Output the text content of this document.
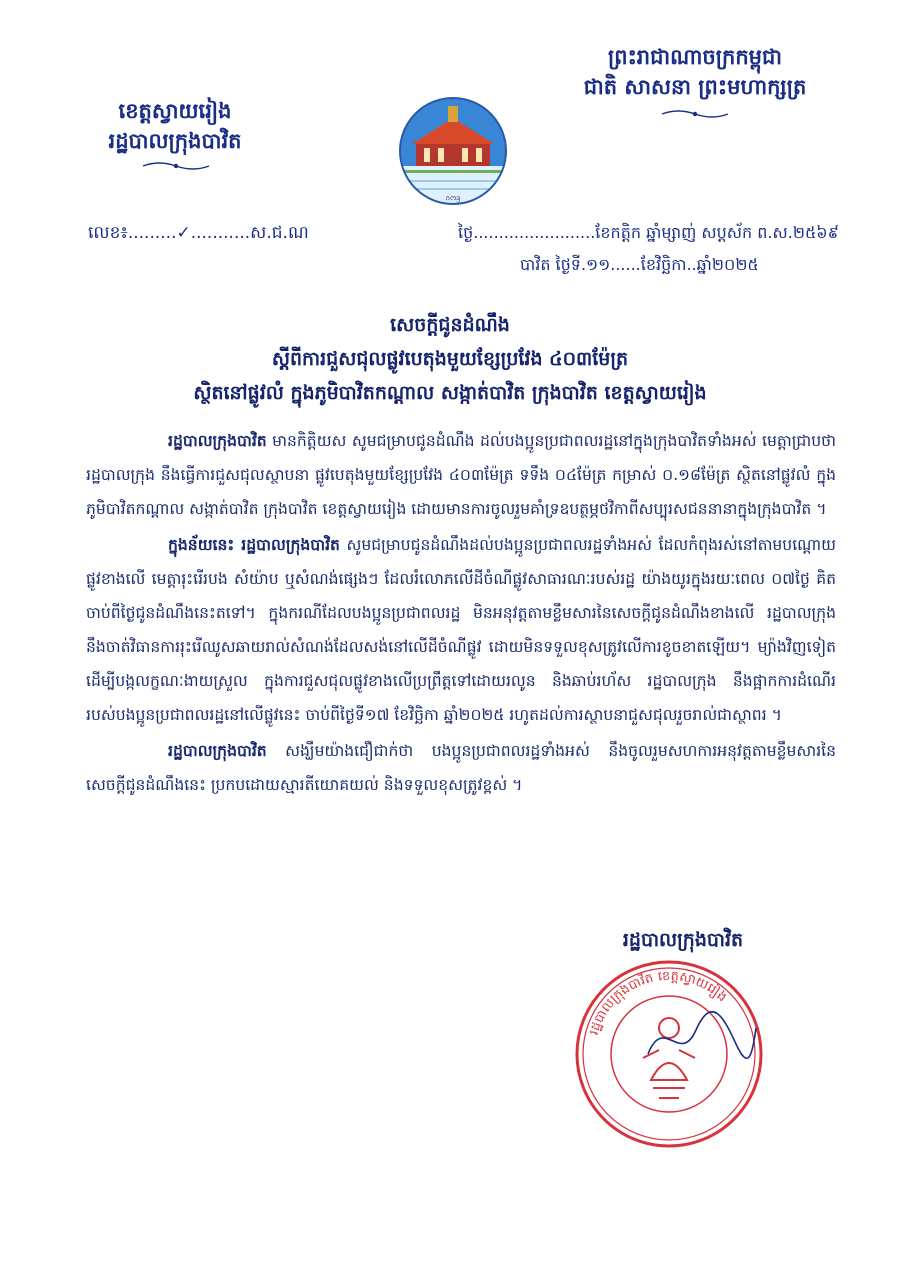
ព្រះរាជាណាចក្រកម្ពុជា
ជាតិ សាសនា ព្រះមហាក្សត្រ
ខេត្តស្វាយរៀង
រដ្ឋបាលក្រុងបាវិត
ᦅᦂᦃ
លេខ៖.........✓...........ស.ជ.ណ	ថ្ងៃ........................ខែកត្តិក ឆ្នាំម្សាញ់ សប្តស័ក ព.ស.២៥៦៩
បាវិត ថ្ងៃទី.១១......ខែវិច្ឆិកា..ឆ្នាំ២០២៥
សេចក្តីជូនដំណឹង
ស្តីពីការជួសជុលផ្លូវបេតុងមួយខ្សែប្រវែង ៤០៣ម៉ែត្រ
ស្ថិតនៅផ្លូវលំ ក្នុងភូមិបាវិតកណ្តាល សង្កាត់បាវិត ក្រុងបាវិត ខេត្តស្វាយរៀង

រដ្ឋបាលក្រុងបាវិត មានកិត្តិយស សូមជម្រាបជូនដំណឹង ដល់បងប្អូនប្រជាពលរដ្ឋនៅក្នុងក្រុងបាវិតទាំងអស់ មេត្តាជ្រាបថា រដ្ឋបាលក្រុង នឹងធ្វើការជួសជុលស្ថាបនា ផ្លូវបេតុងមួយខ្សែប្រវែង ៤០៣ម៉ែត្រ ទទឹង ០៤ម៉ែត្រ កម្រាស់ ០.១៨ម៉ែត្រ ស្ថិតនៅផ្លូវលំ ក្នុងភូមិបាវិតកណ្តាល សង្កាត់បាវិត ក្រុងបាវិត ខេត្តស្វាយរៀង ដោយមានការចូលរួមគាំទ្រឧបត្ថម្ភថវិកាពីសប្បុរសជននានាក្នុងក្រុងបាវិត ។

ក្នុងន័យនេះ រដ្ឋបាលក្រុងបាវិត សូមជម្រាបជូនដំណឹងដល់បងប្អូនប្រជាពលរដ្ឋទាំងអស់ ដែលកំពុងរស់នៅតាមបណ្តោយផ្លូវខាងលើ មេត្តារុះរើរបង សំយ៉ាប ឬសំណង់ផ្សេងៗ ដែលរំលោភលើដីចំណីផ្លូវសាធារណៈរបស់រដ្ឋ យ៉ាងយូរក្នុងរយៈពេល ០៧ថ្ងៃ គិតចាប់ពីថ្ងៃជូនដំណឹងនេះតទៅ។ ក្នុងករណីដែលបងប្អូនប្រជាពលរដ្ឋ មិនអនុវត្តតាមខ្លឹមសារនៃសេចក្តីជូនដំណឹងខាងលើ រដ្ឋបាលក្រុង នឹងចាត់វិធានការរុះរើឈូសឆាយរាល់សំណង់ដែលសង់នៅលើដីចំណីផ្លូវ ដោយមិនទទួលខុសត្រូវលើការខូចខាតឡើយ។ ម្យ៉ាងវិញទៀត ដើម្បីបង្កលក្ខណៈងាយស្រួល ក្នុងការជួសជុលផ្លូវខាងលើប្រព្រឹត្តទៅដោយរលូន និងឆាប់រហ័ស រដ្ឋបាលក្រុង នឹងផ្អាកការដំណើររបស់បងប្អូនប្រជាពលរដ្ឋនៅលើផ្លូវនេះ ចាប់ពីថ្ងៃទី១៧ ខែវិច្ឆិកា ឆ្នាំ២០២៥ រហូតដល់ការស្ថាបនាជួសជុលរួចរាល់ជាស្ថាពរ ។

រដ្ឋបាលក្រុងបាវិត សង្ឃឹមយ៉ាងជឿជាក់ថា បងប្អូនប្រជាពលរដ្ឋទាំងអស់ នឹងចូលរួមសហការអនុវត្តតាមខ្លឹមសារនៃសេចក្តីជូនដំណឹងនេះ ប្រកបដោយស្មារតីយោគយល់ និងទទួលខុសត្រូវខ្ពស់ ។

រដ្ឋបាលក្រុងបាវិត
រដ្ឋបាលក្រុងបាវិត ខេត្តស្វាយរៀង
